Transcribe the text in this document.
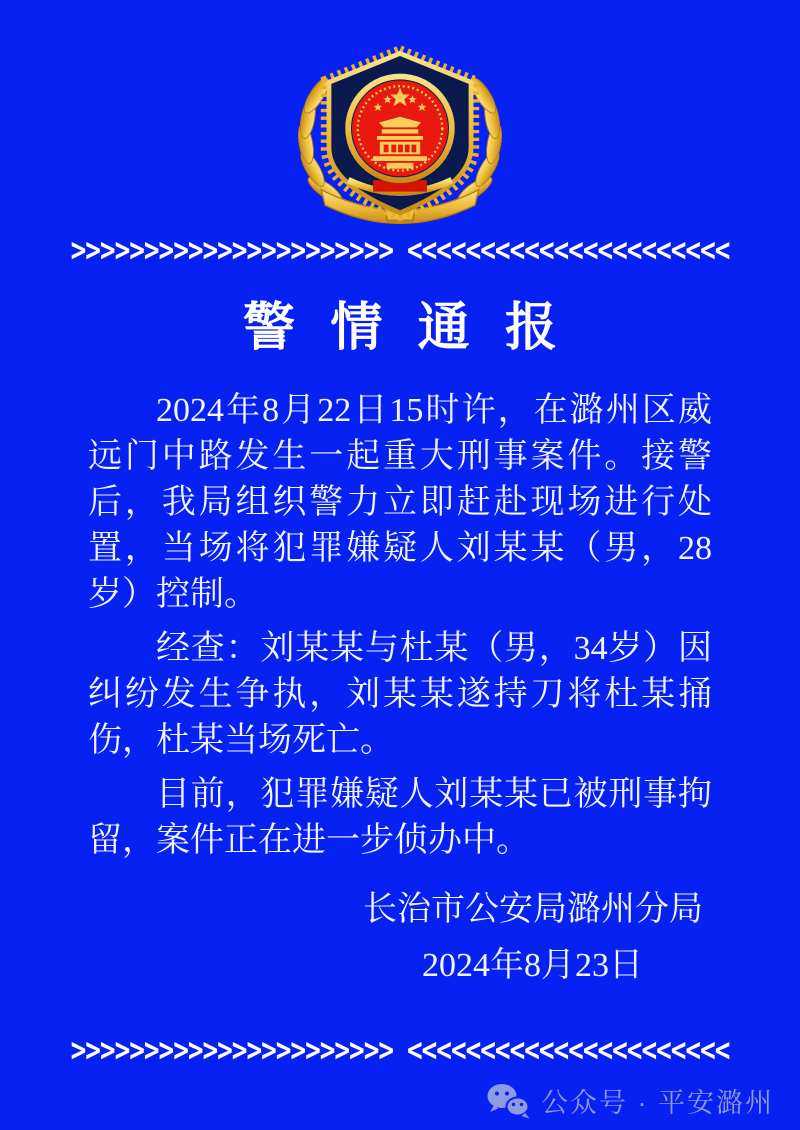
>>>>>>>>>>>>>>>>>>>>>> <<<<<<<<<<<<<<<<<<<<<<
警情通报

2024年8月22日15时许，在潞州区威远门中路发生一起重大刑事案件。接警后，我局组织警力立即赶赴现场进行处置，当场将犯罪嫌疑人刘某某（男，28岁）控制。

经查：刘某某与杜某（男，34岁）因纠纷发生争执，刘某某遂持刀将杜某捅伤，杜某当场死亡。

目前，犯罪嫌疑人刘某某已被刑事拘留，案件正在进一步侦办中。

长治市公安局潞州分局
2024年8月23日
>>>>>>>>>>>>>>>>>>>>>> <<<<<<<<<<<<<<<<<<<<<<
公众号 · 平安潞州
